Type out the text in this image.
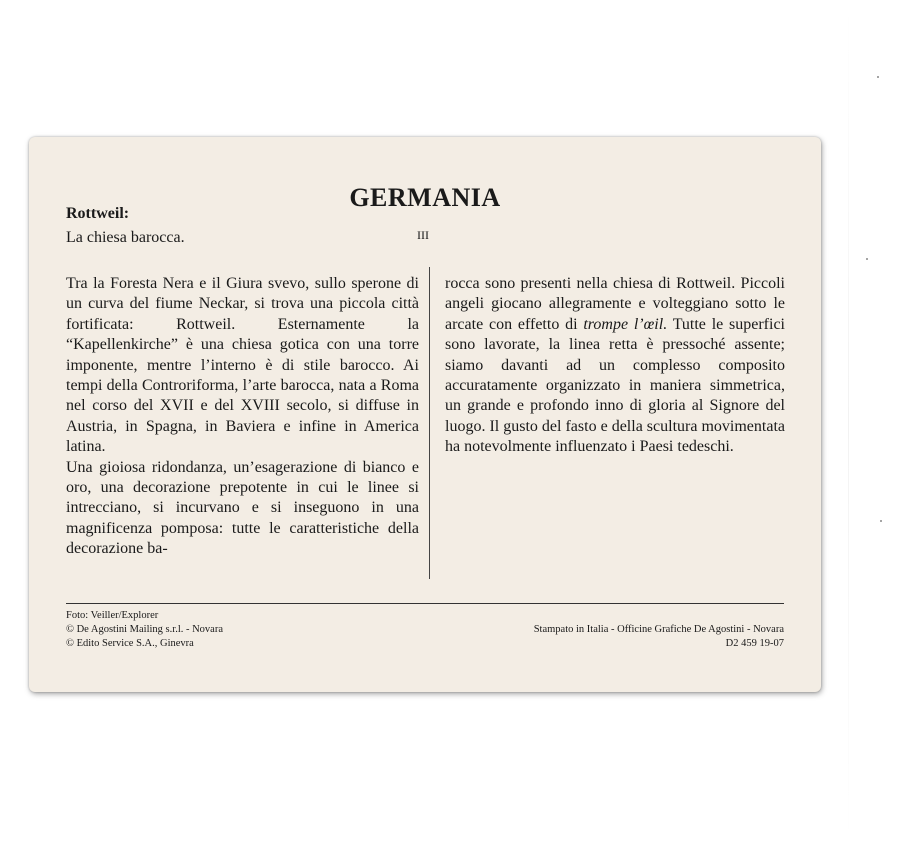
GERMANIA
Rottweil:
La chiesa barocca.	III

Tra la Foresta Nera e il Giura svevo, sullo sperone di un curva del fiume Neckar, si trova una piccola città fortificata: Rottweil. Esternamente la “Kapellenkirche” è una chiesa gotica con una torre imponente, mentre l’interno è di stile barocco. Ai tempi della Controriforma, l’arte barocca, nata a Roma nel corso del XVII e del XVIII secolo, si diffuse in Austria, in Spagna, in Baviera e infine in America latina.

Una gioiosa ridondanza, un’esagerazione di bianco e oro, una decorazione prepotente in cui le linee si intrecciano, si incurvano e si inseguono in una magnificenza pomposa: tutte le caratteristiche della decorazione ba-

rocca sono presenti nella chiesa di Rottweil. Piccoli angeli giocano allegramente e volteggiano sotto le arcate con effetto di trompe l’œil. Tutte le superfici sono lavorate, la linea retta è pressoché assente; siamo davanti ad un complesso composito accuratamente organizzato in maniera simmetrica, un grande e profondo inno di gloria al Signore del luogo. Il gusto del fasto e della scultura movimentata ha notevolmente influenzato i Paesi tedeschi.

Foto: Veiller/Explorer
© De Agostini Mailing s.r.l. - Novara
© Edito Service S.A., Ginevra
Stampato in Italia - Officine Grafiche De Agostini - Novara
D2 459 19-07
